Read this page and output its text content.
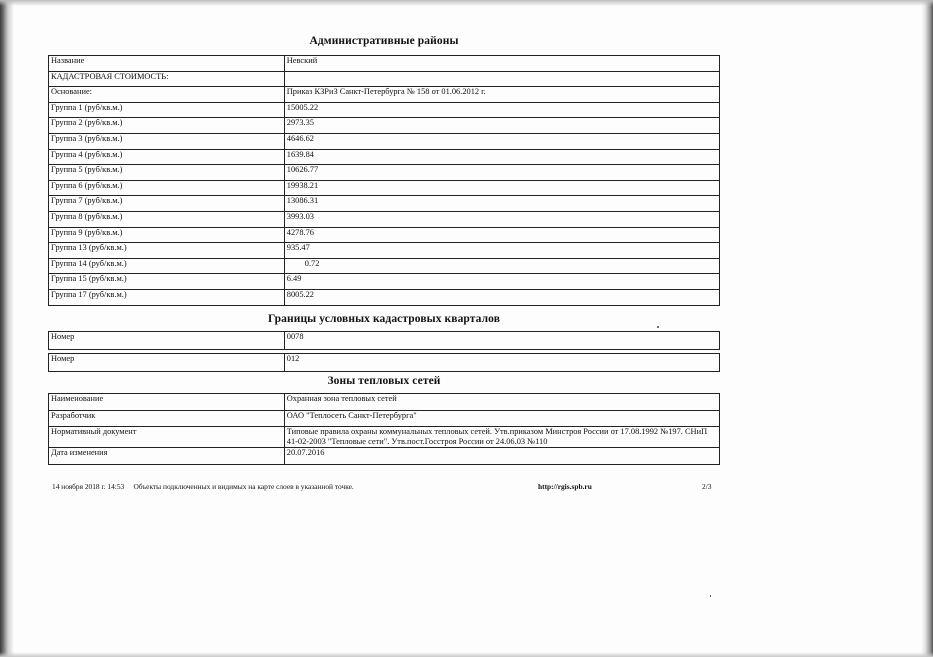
Административные районы
Название	Невский
КАДАСТРОВАЯ СТОИМОСТЬ:	
Основание:	Приказ КЗРиЗ Санкт-Петербурга № 158 от 01.06.2012 г.
Группа 1 (руб/кв.м.)	15005.22
Группа 2 (руб/кв.м.)	2973.35
Группа 3 (руб/кв.м.)	4646.62
Группа 4 (руб/кв.м.)	1639.84
Группа 5 (руб/кв.м.)	10626.77
Группа 6 (руб/кв.м.)	19938.21
Группа 7 (руб/кв.м.)	13086.31
Группа 8 (руб/кв.м.)	3993.03
Группа 9 (руб/кв.м.)	4278.76
Группа 13 (руб/кв.м.)	935.47
Группа 14 (руб/кв.м.)	0.72
Группа 15 (руб/кв.м.)	6.49
Группа 17 (руб/кв.м.)	8005.22
Границы условных кадастровых кварталов
Номер	0078

Номер	012
Зоны тепловых сетей
Наименование	Охранная зона тепловых сетей
Разработчик	ОАО "Теплосеть Санкт-Петербурга"
Нормативный документ	Типовые правила охраны коммунальных тепловых сетей. Утв.приказом Минстроя России от 17.08.1992 №197. СНиП 41-02-2003 "Тепловые сети". Утв.пост.Госстроя России от 24.06.03 №110
Дата изменения	20.07.2016
14 ноября 2018 г. 14:53     Объекты подключенных и видимых на карте слоев в указанной точке.	http://rgis.spb.ru	2/3
